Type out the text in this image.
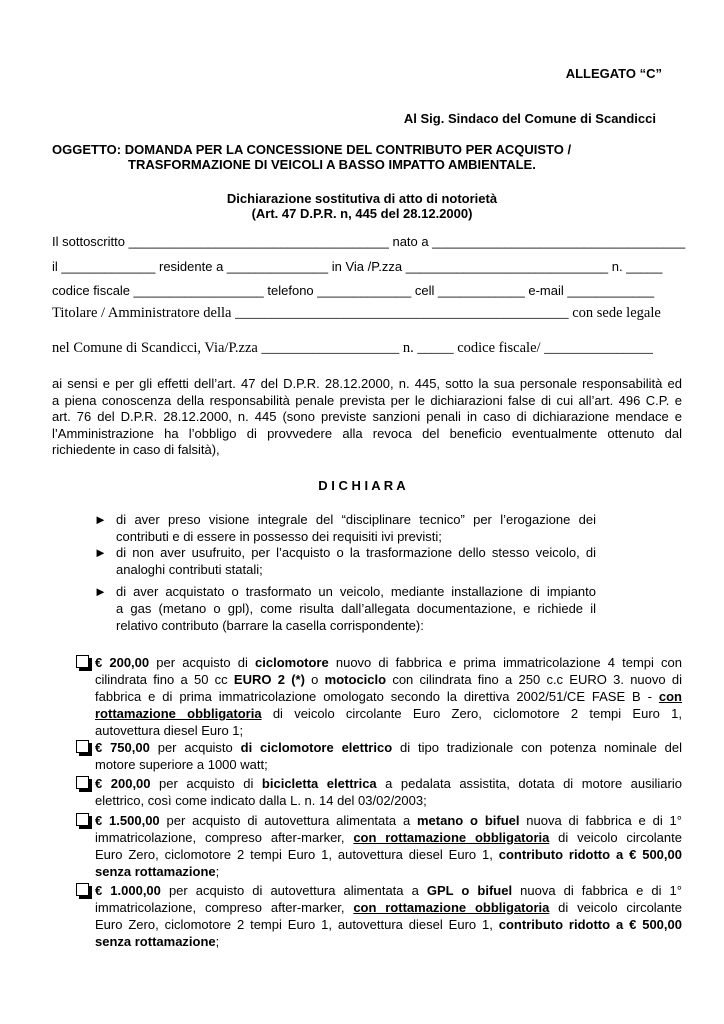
ALLEGATO “C”
Al Sig. Sindaco del Comune di Scandicci
OGGETTO: DOMANDA PER LA CONCESSIONE DEL CONTRIBUTO PER ACQUISTO /
TRASFORMAZIONE DI VEICOLI A BASSO IMPATTO AMBIENTALE.
Dichiarazione sostitutiva di atto di notorietà
(Art. 47 D.P.R. n, 445 del 28.12.2000)
Il sottoscritto ____________________________________ nato a ___________________________________
il _____________ residente a ______________ in Via /P.zza ____________________________ n. _____
codice fiscale __________________ telefono _____________ cell ____________ e-mail ____________
Titolare / Amministratore della ______________________________________________ con sede legale
nel Comune di Scandicci, Via/P.zza ___________________ n. _____ codice fiscale/ _______________
ai sensi e per gli effetti dell’art. 47 del D.P.R. 28.12.2000, n. 445, sotto la sua personale responsabilità ed
a piena conoscenza della responsabilità penale prevista per le dichiarazioni false di cui all’art. 496 C.P. e
art. 76 del D.P.R. 28.12.2000, n. 445 (sono previste sanzioni penali in caso di dichiarazione mendace e
l’Amministrazione ha l’obbligo di provvedere alla revoca del beneficio eventualmente ottenuto dal
richiedente in caso di falsità),
D I C H I A R A
► di aver preso visione integrale del “disciplinare tecnico” per l’erogazione dei
contributi e di essere in possesso dei requisiti ivi previsti;
► di non aver usufruito, per l’acquisto o la trasformazione dello stesso veicolo, di
analoghi contributi statali;
► di aver acquistato o trasformato un veicolo, mediante installazione di impianto
a gas (metano o gpl), come risulta dall’allegata documentazione, e richiede il
relativo contributo (barrare la casella corrispondente):
€ 200,00 per acquisto di ciclomotore nuovo di fabbrica e prima immatricolazione 4 tempi con
cilindrata fino a 50 cc EURO 2 (*) o motociclo con cilindrata fino a 250 c.c EURO 3. nuovo di
fabbrica e di prima immatricolazione omologato secondo la direttiva 2002/51/CE FASE B - con
rottamazione obbligatoria di veicolo circolante Euro Zero, ciclomotore 2 tempi Euro 1,
autovettura diesel Euro 1;
€ 750,00 per acquisto di ciclomotore elettrico di tipo tradizionale con potenza nominale del
motore superiore a 1000 watt;
€ 200,00 per acquisto di bicicletta elettrica a pedalata assistita, dotata di motore ausiliario
elettrico, così come indicato dalla L. n. 14 del 03/02/2003;
€ 1.500,00 per acquisto di autovettura alimentata a metano o bifuel nuova di fabbrica e di 1°
immatricolazione, compreso after-marker, con rottamazione obbligatoria di veicolo circolante
Euro Zero, ciclomotore 2 tempi Euro 1, autovettura diesel Euro 1, contributo ridotto a € 500,00
senza rottamazione;
€ 1.000,00 per acquisto di autovettura alimentata a GPL o bifuel nuova di fabbrica e di 1°
immatricolazione, compreso after-marker, con rottamazione obbligatoria di veicolo circolante
Euro Zero, ciclomotore 2 tempi Euro 1, autovettura diesel Euro 1, contributo ridotto a € 500,00
senza rottamazione;
